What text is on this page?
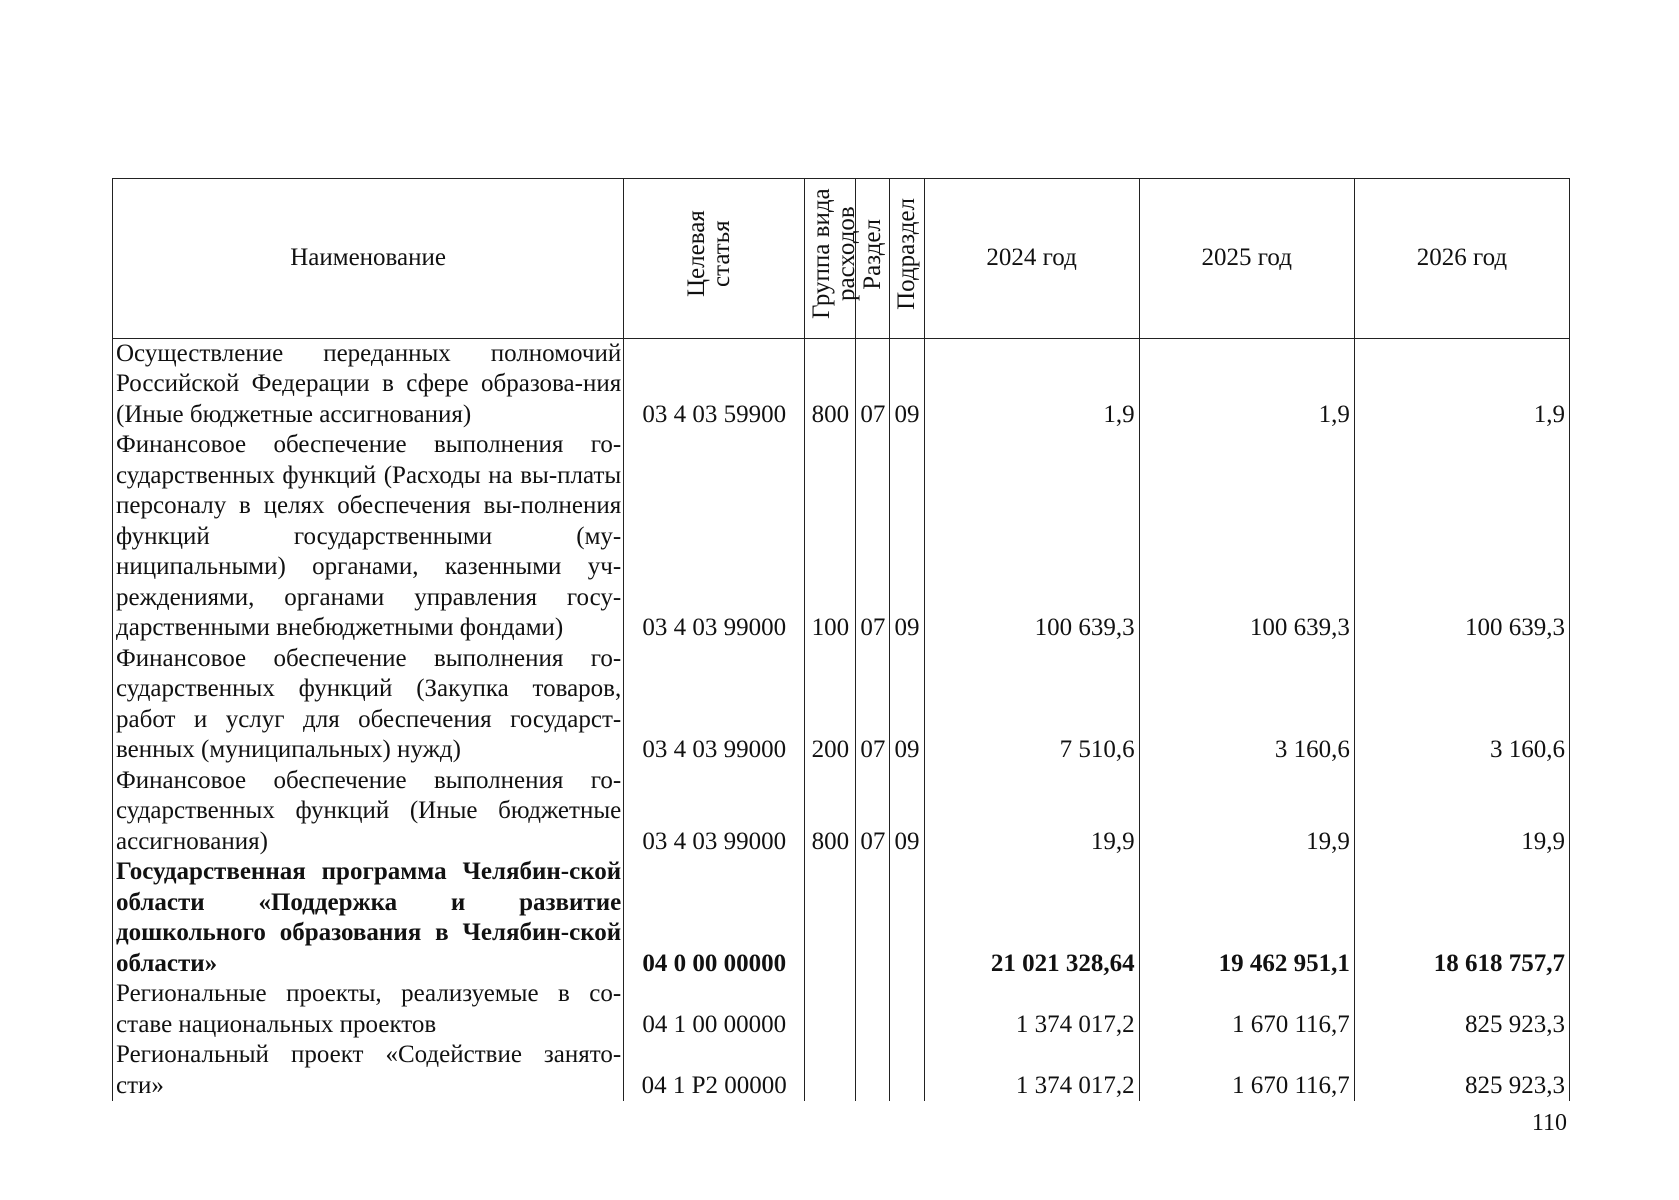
Наименование	Целевая статья	Группа вида расходов	Раздел	Подраздел	2024 год	2025 год	2026 год
Осуществление переданных полномочий Российской Федерации в сфере образова-ния (Иные бюджетные ассигнования)	03 4 03 59900	800	07	09	1,9	1,9	1,9
Финансовое обеспечение выполнения го-сударственных функций (Расходы на вы-платы персоналу в целях обеспечения вы-полнения функций государственными (му-ниципальными) органами, казенными уч-реждениями, органами управления госу-дарственными внебюджетными фондами)	03 4 03 99000	100	07	09	100 639,3	100 639,3	100 639,3
Финансовое обеспечение выполнения го-сударственных функций (Закупка товаров, работ и услуг для обеспечения государст-венных (муниципальных) нужд)	03 4 03 99000	200	07	09	7 510,6	3 160,6	3 160,6
Финансовое обеспечение выполнения го-сударственных функций (Иные бюджетные ассигнования)	03 4 03 99000	800	07	09	19,9	19,9	19,9
Государственная программа Челябин-ской области «Поддержка и развитие дошкольного образования в Челябин-ской области»	04 0 00 00000				21 021 328,64	19 462 951,1	18 618 757,7
Региональные проекты, реализуемые в со-ставе национальных проектов	04 1 00 00000				1 374 017,2	1 670 116,7	825 923,3
Региональный проект «Содействие занято-сти»	04 1 P2 00000				1 374 017,2	1 670 116,7	825 923,3
110
